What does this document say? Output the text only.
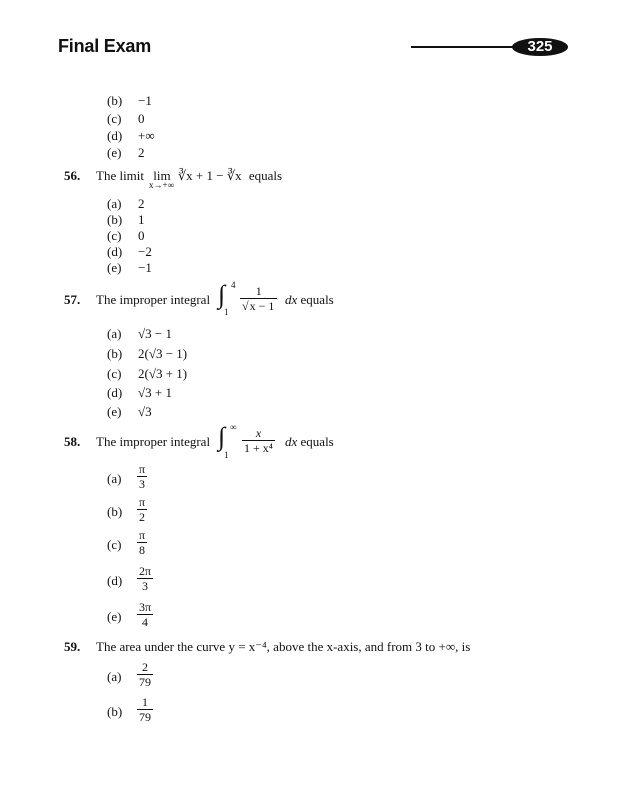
Final Exam	325
(b) −1
(c) 0
(d) +∞
(e) 2
56. The limit lim ∛x + 1 − ∛x equals
x→+∞
(a) 2
(b) 1
(c) 0
(d) −2
(e) −1
57. The improper integral ∫ 4
$1 \frac{1}{√x - 1}$ dx equals
(a) √3 − 1
(b) 2(√3 − 1)
(c) 2(√3 + 1)
(d) √3 + 1
(e) √3
58. The improper integral ∫ ∞
$1 \frac{x}{\text{1 + x⁴}}$ dx equals
$(a) \frac{\pi}{3}$
$(b) \frac{\pi}{2}$
$(c) \frac{\pi}{8}$
$(d) \frac{2\pi}{3}$
$(e) \frac{3\pi}{4}$
59. The area under the curve y = x⁻⁴, above the x-axis, and from 3 to +∞, is
$(a) \frac{2}{79}$
$(b) \frac{1}{79}$
